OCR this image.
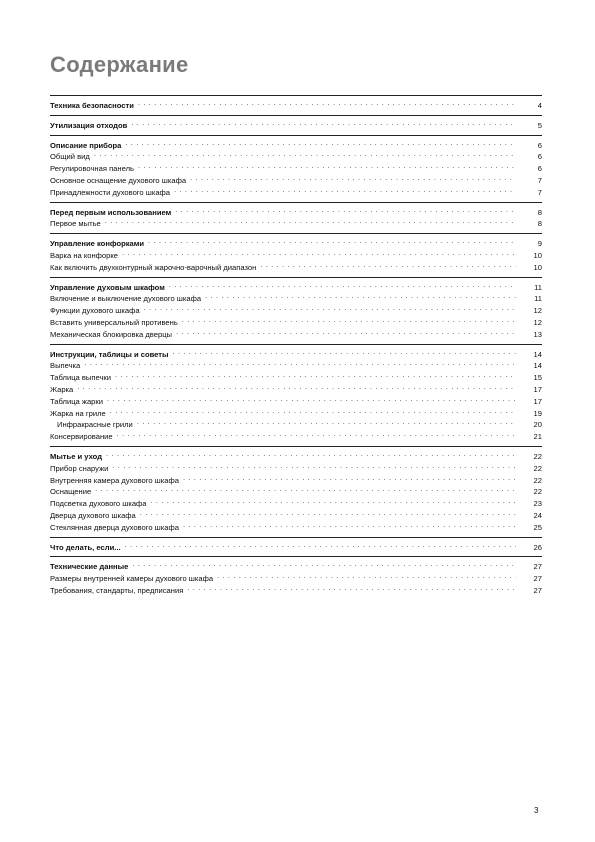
Содержание
Техника безопасности . . .	4
Утилизация отходов . . .	5
Описание прибора . . .	6
Общий вид . . .	6
Регулировочная панель . . .	6
Основное оснащение духового шкафа . . .	7
Принадлежности духового шкафа . . .	7
Перед первым использованием . . .	8
Первое мытье . . .	8
Управление конфорками . . .	9
Варка на конфорке . . .	10
Как включить двухконтурный жарочно-варочный диапазон . . .	10
Управление духовым шкафом . . .	11
Включение и выключение духового шкафа . . .	11
Функции духового шкафа . . .	12
Вставить универсальный противень . . .	12
Механическая блокировка дверцы . . .	13
Инструкции, таблицы и советы . . .	14
Выпечка . . .	14
Таблица выпечки . . .	15
Жарка . . .	17
Таблица жарки . . .	17
Жарка на гриле . . .	19
Инфракрасные грили . . .	20
Консервирование . . .	21
Мытье и уход . . .	22
Прибор снаружи . . .	22
Внутренняя камера духового шкафа . . .	22
Оснащение . . .	22
Подсветка духового шкафа . . .	23
Дверца духового шкафа . . .	24
Стеклянная дверца духового шкафа . . .	25
Что делать, если... . . .	26
Технические данные . . .	27
Размеры внутренней камеры духового шкафа . . .	27
Требования, стандарты, предписания . . .	27
3
